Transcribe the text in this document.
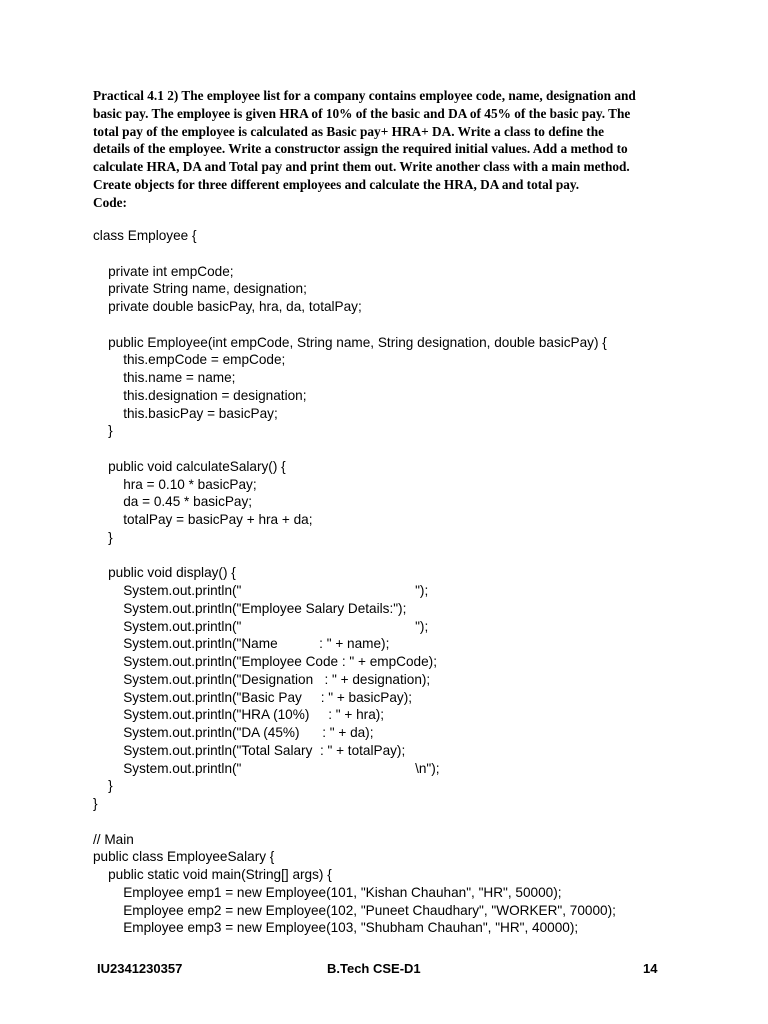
Practical 4.1 2) The employee list for a company contains employee code, name, designation and
basic pay. The employee is given HRA of 10% of the basic and DA of 45% of the basic pay. The
total pay of the employee is calculated as Basic pay+ HRA+ DA. Write a class to define the
details of the employee. Write a constructor assign the required initial values. Add a method to
calculate HRA, DA and Total pay and print them out. Write another class with a main method.
Create objects for three different employees and calculate the HRA, DA and total pay.
Code:
class Employee {
private int empCode;
private String name, designation;
private double basicPay, hra, da, totalPay;
public Employee(int empCode, String name, String designation, double basicPay) {
this.empCode = empCode;
this.name = name;
this.designation = designation;
this.basicPay = basicPay;
}
public void calculateSalary() {
hra = 0.10 * basicPay;
da = 0.45 * basicPay;
totalPay = basicPay + hra + da;
}
public void display() {
System.out.println("                                              ");
System.out.println("Employee Salary Details:");
System.out.println("                                              ");
System.out.println("Name           : " + name);
System.out.println("Employee Code : " + empCode);
System.out.println("Designation   : " + designation);
System.out.println("Basic Pay     : " + basicPay);
System.out.println("HRA (10%)     : " + hra);
System.out.println("DA (45%)      : " + da);
System.out.println("Total Salary  : " + totalPay);
System.out.println("                                              \n");
}
}
// Main
public class EmployeeSalary {
public static void main(String[] args) {
Employee emp1 = new Employee(101, "Kishan Chauhan", "HR", 50000);
Employee emp2 = new Employee(102, "Puneet Chaudhary", "WORKER", 70000);
Employee emp3 = new Employee(103, "Shubham Chauhan", "HR", 40000);
IU2341230357	B.Tech CSE-D1	14
